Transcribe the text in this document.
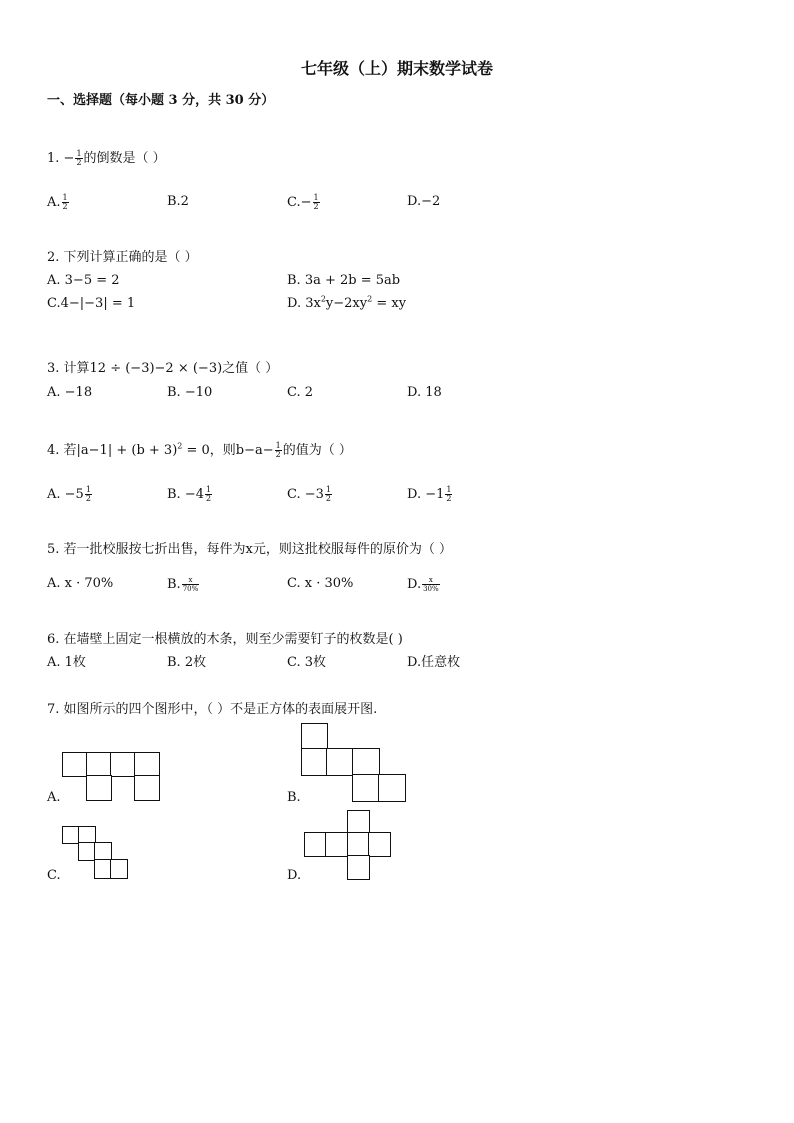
七年级（上）期末数学试卷
一、选择题（每小题 3 分，共 30 分）
1. − $\frac{1}{2}$ 的倒数是（ ）
A. $\frac{1}{2}$	B.2	$C.- \frac{1}{2}$	D.−2
2. 下列计算正确的是（ ）
A. 3−5 = 2	B. 3a + 2b = 5ab
C.4−|−3| = 1	D. $3x^2y-2xy^2$ = xy
3. 计算12 ÷ (−3)−2 × (−3)之值（ ）
A. −18	B. −10	C. 2	D. 18
4. 若$|a-1| + (b + 3)^2 = 0$，则$b-a- \frac{1}{2}$ 的值为（ ）
A. $-5 \frac{1}{2}$	B. $-4 \frac{1}{2}$	C. $-3 \frac{1}{2}$	D. $-1 \frac{1}{2}$
5. 若一批校服按七折出售，每件为x元，则这批校服每件的原价为（ ）
A. x · 70%	B. $\frac{x}{70\%}$	C. x · 30%	D. $\frac{x}{30\%}$
6. 在墙壁上固定一根横放的木条，则至少需要钉子的枚数是( )
A. 1枚	B. 2枚	C. 3枚	D.任意枚
7. 如图所示的四个图形中，（ ）不是正方体的表面展开图.
A.	B.
C.	D.
